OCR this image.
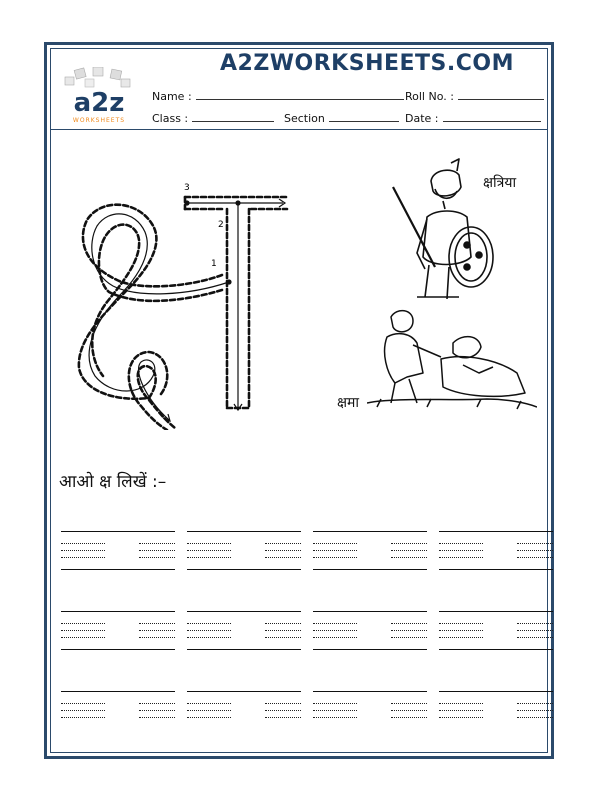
a2z
WORKSHEETS
A2ZWORKSHEETS.COM
Name :	Roll No. :
Class :	Section	Date :
3
2
1
क्षत्रिया
क्षमा
आओ क्ष लिखें :–
